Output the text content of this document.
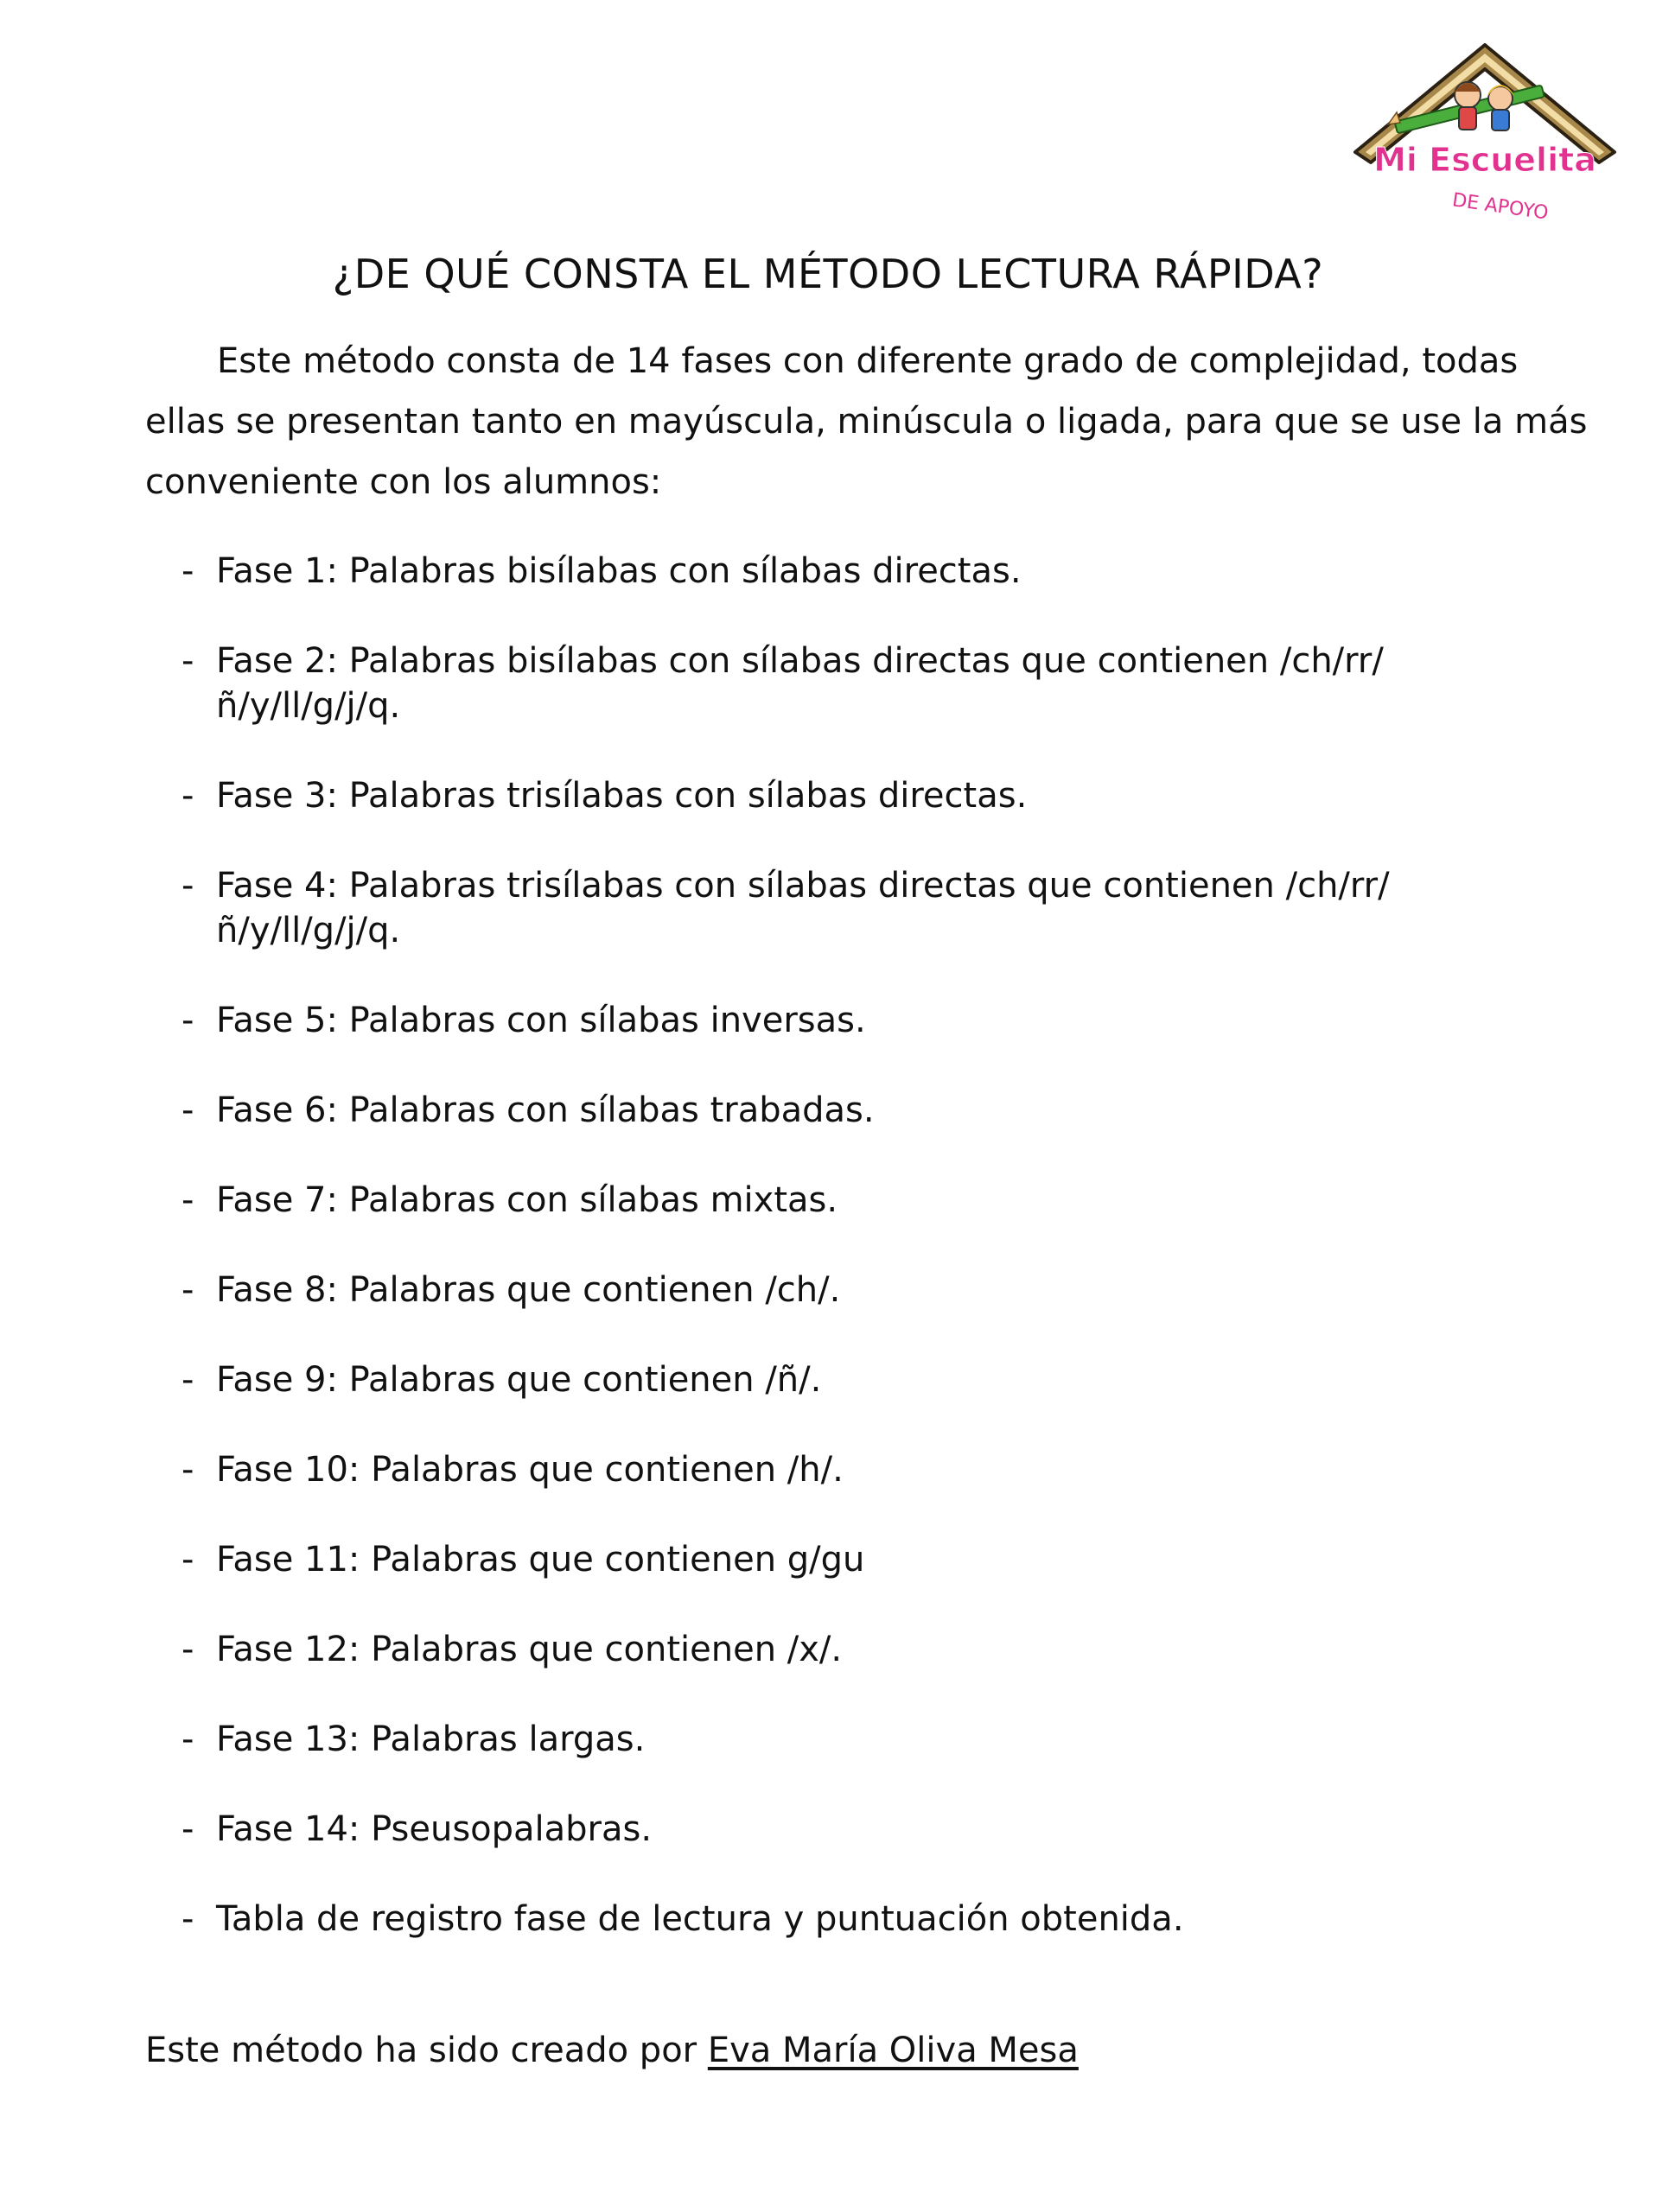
Mi Escuelita
DE APOYO
¿DE QUÉ CONSTA EL MÉTODO LECTURA RÁPIDA?

Este método consta de 14 fases con diferente grado de complejidad, todas ellas se presentan tanto en mayúscula, minúscula o ligada, para que se use la más conveniente con los alumnos:

- Fase 1: Palabras bisílabas con sílabas directas.
- Fase 2: Palabras bisílabas con sílabas directas que contienen /ch/rr/ñ/y/ll/g/j/q.
- Fase 3: Palabras trisílabas con sílabas directas.
- Fase 4: Palabras trisílabas con sílabas directas que contienen /ch/rr/ñ/y/ll/g/j/q.
- Fase 5: Palabras con sílabas inversas.
- Fase 6: Palabras con sílabas trabadas.
- Fase 7: Palabras con sílabas mixtas.
- Fase 8: Palabras que contienen /ch/.
- Fase 9: Palabras que contienen /ñ/.
- Fase 10: Palabras que contienen /h/.
- Fase 11: Palabras que contienen g/gu
- Fase 12: Palabras que contienen /x/.
- Fase 13: Palabras largas.
- Fase 14: Pseusopalabras.
- Tabla de registro fase de lectura y puntuación obtenida.

Este método ha sido creado por Eva María Oliva Mesa
